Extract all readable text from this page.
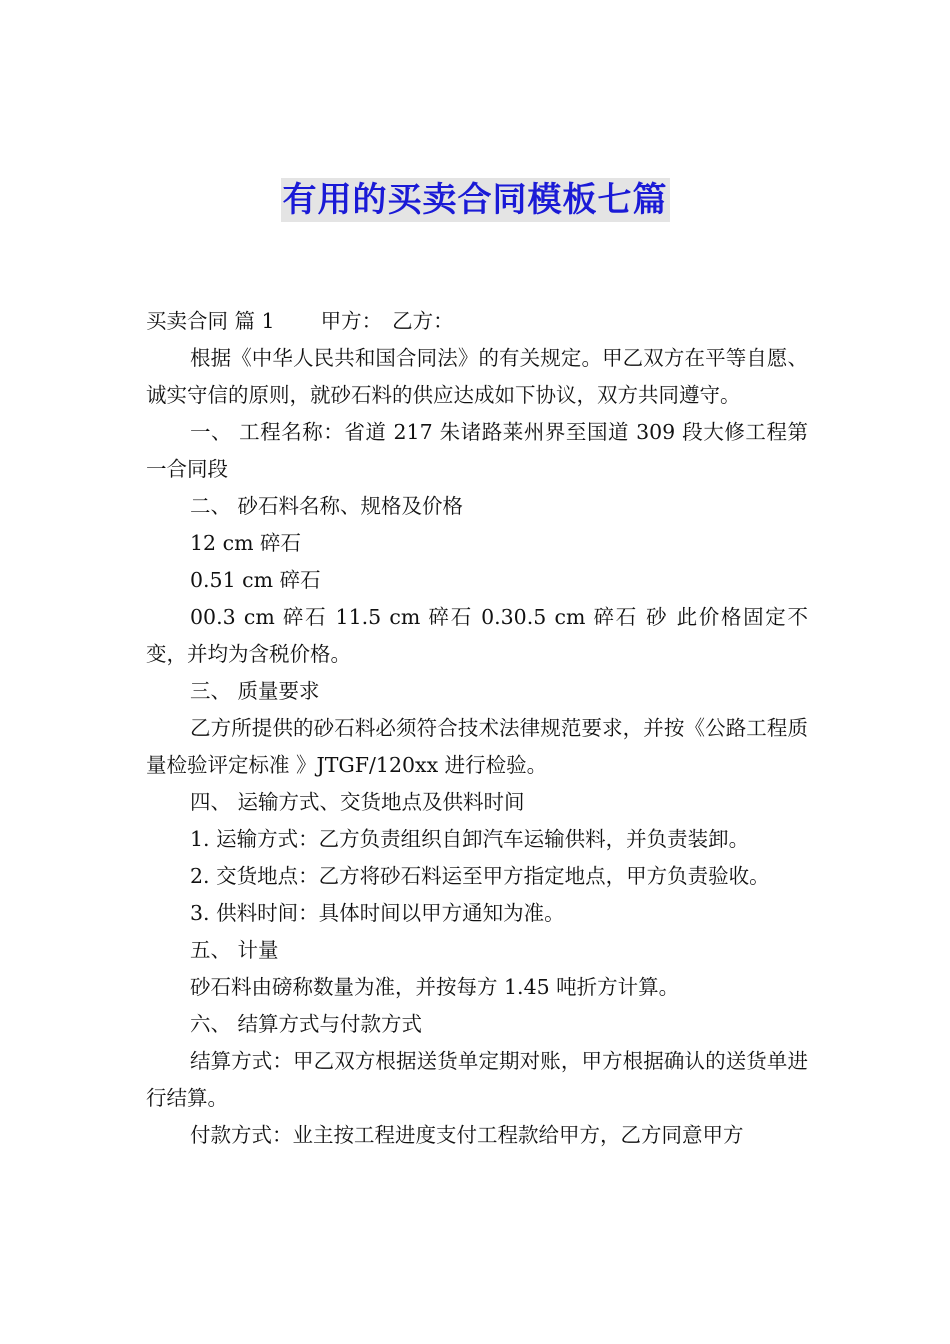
有用的买卖合同模板七篇

买卖合同 篇 1 甲方： 乙方：

根据《中华人民共和国合同法》的有关规定。甲乙双方在平等自愿、诚实守信的原则，就砂石料的供应达成如下协议，双方共同遵守。

一、 工程名称：省道 217 朱诸路莱州界至国道 309 段大修工程第一合同段

二、 砂石料名称、规格及价格

12 cm 碎石

0.51 cm 碎石

00.3 cm 碎石 11.5 cm 碎石 0.30.5 cm 碎石 砂 此价格固定不变，并均为含税价格。

三、 质量要求

乙方所提供的砂石料必须符合技术法律规范要求，并按《公路工程质量检验评定标准 》JTGF/120xx 进行检验。

四、 运输方式、交货地点及供料时间

1. 运输方式：乙方负责组织自卸汽车运输供料，并负责装卸。

2. 交货地点：乙方将砂石料运至甲方指定地点，甲方负责验收。

3. 供料时间：具体时间以甲方通知为准。

五、 计量

砂石料由磅称数量为准，并按每方 1.45 吨折方计算。

六、 结算方式与付款方式

结算方式：甲乙双方根据送货单定期对账，甲方根据确认的送货单进行结算。

付款方式：业主按工程进度支付工程款给甲方，乙方同意甲方
